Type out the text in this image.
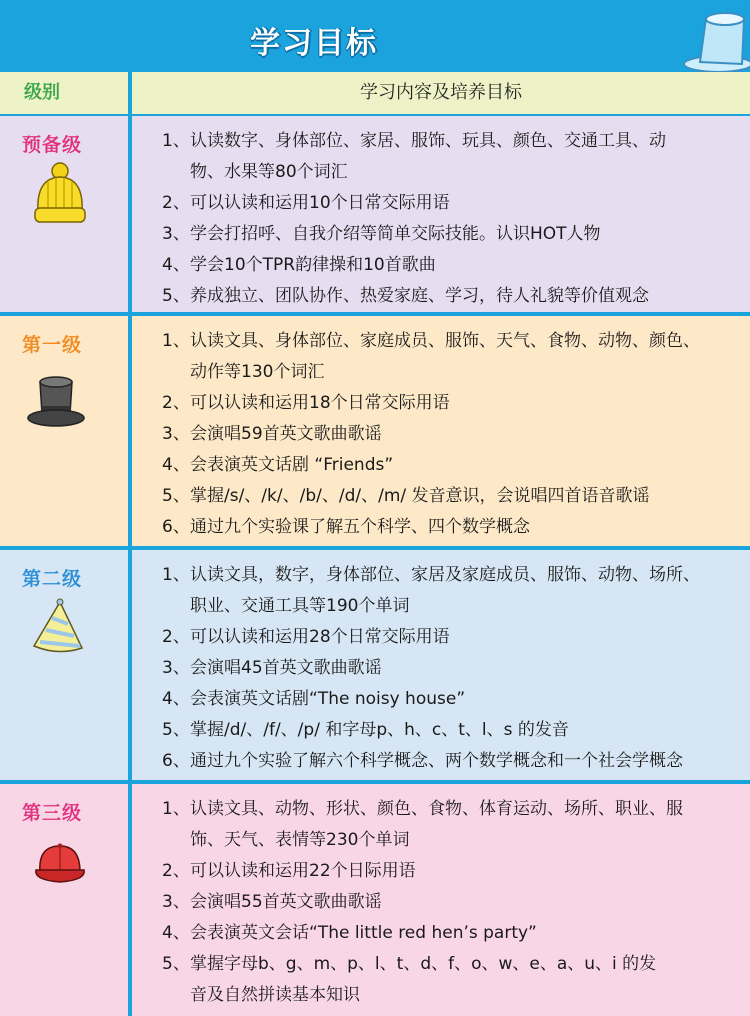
学习目标
级别	学习内容及培养目标
预备级	1、认读数字、身体部位、家居、服饰、玩具、颜色、交通工具、动
物、水果等80个词汇
2、可以认读和运用10个日常交际用语
3、学会打招呼、自我介绍等简单交际技能。认识HOT人物
4、学会10个TPR韵律操和10首歌曲
5、养成独立、团队协作、热爱家庭、学习，待人礼貌等价值观念
第一级	1、认读文具、身体部位、家庭成员、服饰、天气、食物、动物、颜色、
动作等130个词汇
2、可以认读和运用18个日常交际用语
3、会演唱59首英文歌曲歌谣
4、会表演英文话剧 “Friends”
5、掌握/s/、/k/、/b/、/d/、/m/ 发音意识，会说唱四首语音歌谣
6、通过九个实验课了解五个科学、四个数学概念
第二级	1、认读文具，数字，身体部位、家居及家庭成员、服饰、动物、场所、
职业、交通工具等190个单词
2、可以认读和运用28个日常交际用语
3、会演唱45首英文歌曲歌谣
4、会表演英文话剧“The noisy house”
5、掌握/d/、/f/、/p/ 和字母p、h、c、t、l、s 的发音
6、通过九个实验了解六个科学概念、两个数学概念和一个社会学概念
第三级	1、认读文具、动物、形状、颜色、食物、体育运动、场所、职业、服
饰、天气、表情等230个单词
2、可以认读和运用22个日际用语
3、会演唱55首英文歌曲歌谣
4、会表演英文会话“The little red hen’s party”
5、掌握字母b、g、m、p、l、t、d、f、o、w、e、a、u、i 的发
音及自然拼读基本知识
